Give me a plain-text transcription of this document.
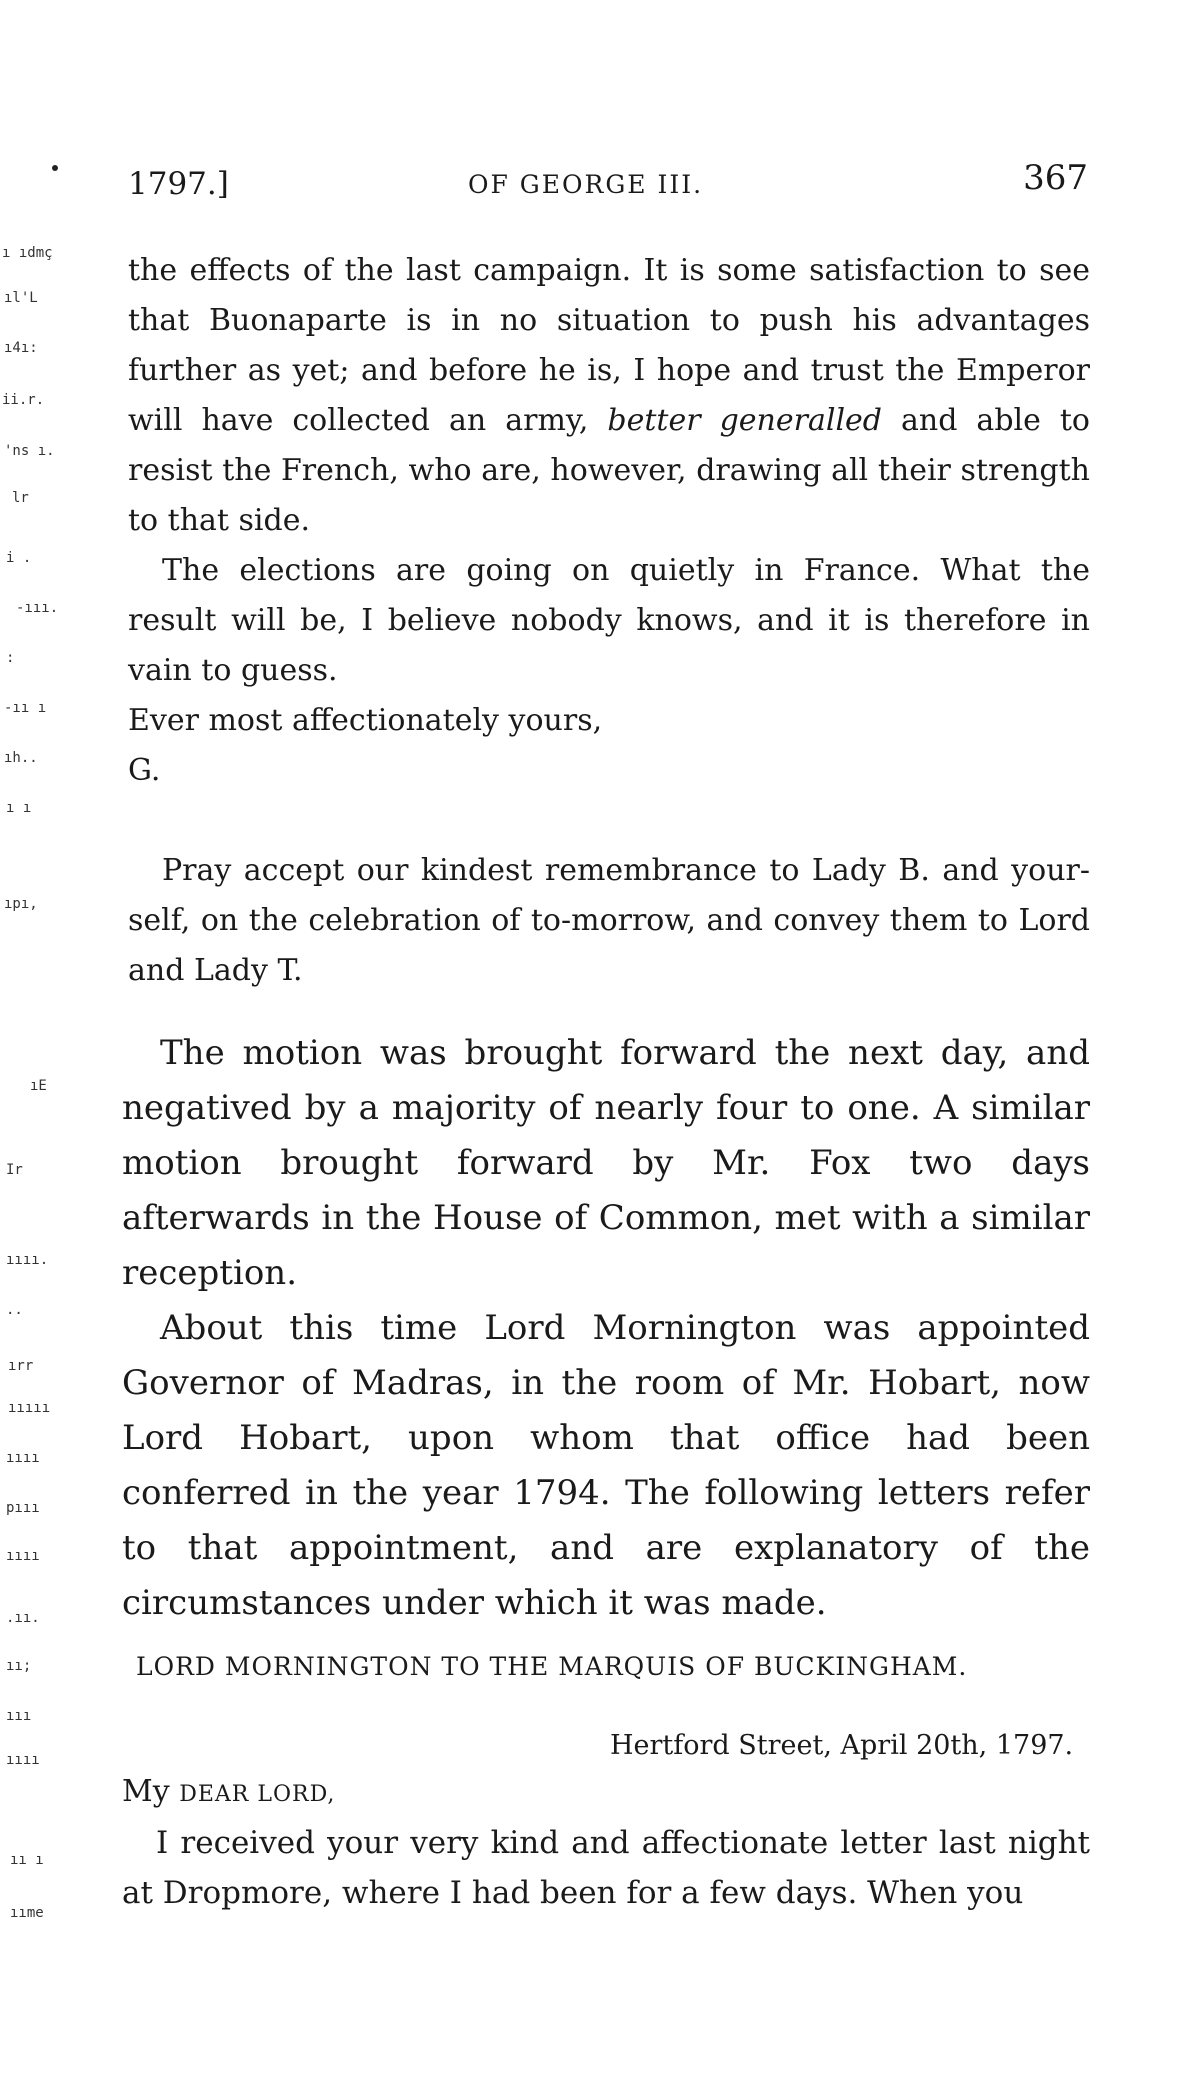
ı ıdmç
ıl'L
ı4ı:
ii.r.
'ns ı.
lr
i .
-ııı.
:
-ıı ı
ıh..
ı ı
ıpı,
ıE
Ir
ıııı.
..
ırr
ııııı
ıııı
pııı
ıııı
.ıı.
ıı;
ııı
ıııı
ıı ı
ııme
1797.]	OF GEORGE III.	367

the effects of the last campaign. It is some satisfaction to see that Buonaparte is in no situation to push his advantages further as yet; and before he is, I hope and trust the Emperor will have collected an army, better generalled and able to resist the French, who are, however, drawing all their strength to that side.

The elections are going on quietly in France. What the result will be, I believe nobody knows, and it is therefore in vain to guess.

Ever most affectionately yours,

G.

Pray accept our kindest remembrance to Lady B. and your-self, on the celebration of to-morrow, and convey them to Lord and Lady T.

The motion was brought forward the next day, and negatived by a majority of nearly four to one. A similar motion brought forward by Mr. Fox two days afterwards in the House of Common, met with a similar reception.

About this time Lord Mornington was appointed Governor of Madras, in the room of Mr. Hobart, now Lord Hobart, upon whom that office had been conferred in the year 1794. The following letters refer to that appointment, and are explanatory of the circumstances under which it was made.

LORD MORNINGTON TO THE MARQUIS OF BUCKINGHAM.
Hertford Street, April 20th, 1797.
My DEAR LORD,

I received your very kind and affectionate letter last night at Dropmore, where I had been for a few days. When you
